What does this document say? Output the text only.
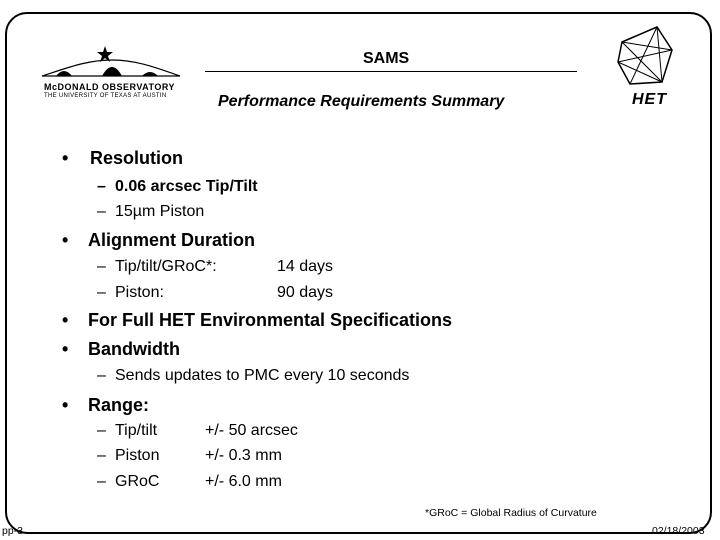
McDONALD OBSERVATORY
THE UNIVERSITY OF TEXAS AT AUSTIN
SAMS
Performance Requirements Summary	HET
• Resolution
– 0.06 arcsec Tip/Tilt
– 15µm Piston
• Alignment Duration
– Tip/tilt/GRoC*:	14 days
– Piston:	90 days
• For Full HET Environmental Specifications
• Bandwidth
– Sends updates to PMC every 10 seconds
• Range:
– Tip/tilt	+/- 50 arcsec
– Piston	+/- 0.3 mm
– GRoC	+/- 6.0 mm
*GRoC = Global Radius of Curvature
pp-3	02/18/2003
